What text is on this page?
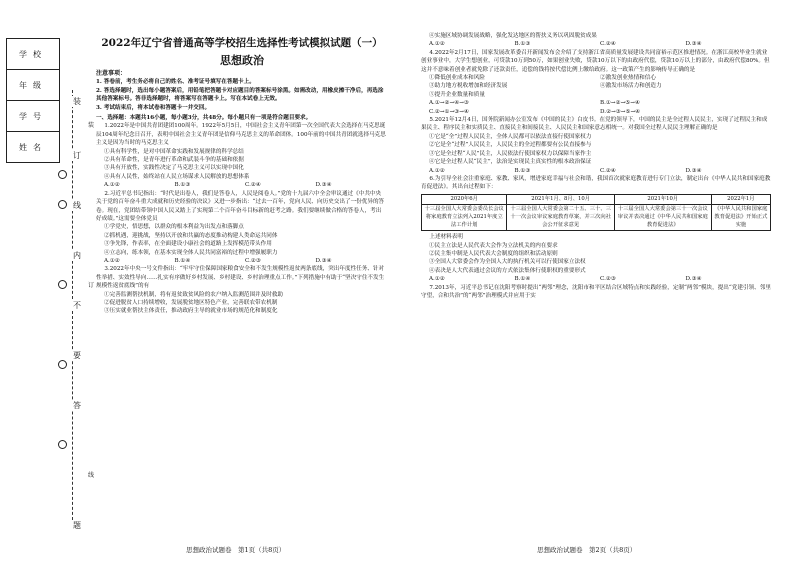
学校
年级
学号
姓名
装
订
线
内
不
要
答
题
装
订
线
2022年辽宁省普通高等学校招生选择性考试模拟试题（一）
思想政治
注意事项：
1. 答卷前，考生务必将自己的姓名、准考证号填写在答题卡上。
2. 答选择题时，选出每小题答案后，用铅笔把答题卡对应题目的答案标号涂黑。如需改动，用橡皮擦干净后，再选涂其他答案标号。答非选择题时，将答案写在答题卡上。写在本试卷上无效。
3. 考试结束后，将本试卷和答题卡一并交回。
一、选择题：本题共16小题，每小题3分，共48分。每小题只有一项是符合题目要求。
1.2022年是中国共青团建团100周年。1922年5月5日，中国社会主义青年团第一次全国代表大会选择在马克思诞辰104周年纪念日召开，表明中国社会主义青年团是信仰马克思主义的革命团体。100年前的中国共青团就选择马克思主义是因为当时的马克思主义
①具有科学性，是对中国革命实践和发展规律的科学总结
②具有革命性，是青年进行革命和武装斗争的基础和依据
③具有开放性，实践性决定了马克思主义可以实现中国化
④具有人民性，始终站在人民立场谋求人民解放的思想体系
A.①②	B.①③	C.②④	D.③④
2.习近平总书记指出：“时代是出卷人，我们是答卷人，人民是阅卷人。”党的十九届六中全会审议通过《中共中央关于党的百年奋斗重大成就和历史经验的决议》又进一步指出：“过去一百年，党向人民、向历史交出了一份优异的答卷。现在，党团结带领中国人民又踏上了实现第二个百年奋斗目标新的赶考之路。我们要继续做合格的答卷人，考出好成绩。”这需要全体党员
①学党史，悟思想，以群众的根本利益为出发点和落脚点
②抓机遇，迎挑战，坚持以开放和共赢的态度推动构建人类命运共同体
③争先锋，作表率，在全面建设小康社会的道路上发挥模范带头作用
④立志向，练本领，在基本实现全体人民共同富裕的过程中增强履职力
A.①②	B.①④	C.②③	D.③④
3.2022年中央一号文件指出：“牢牢守住保障国家粮食安全和不发生规模性返贫两条底线，突出年度性任务、针对性举措、实效性导向……扎实有序做好乡村发展、乡村建设、乡村治理重点工作。”下列措施中有助于“坚决守住不发生规模性返贫底线”的有
①完善监测帮扶机制，将有返贫致贫风险的农户纳入监测范围并及时救助
②促进脱贫人口持续增收，发展脱贫地区特色产业，完善联农带农机制
③压实就业帮扶主体责任，推动政府主导的就业市场的规范化和制度化
思想政治试题卷　第1页（共8页）
④实施区域协调发展战略，强化发达地区的帮扶义务以巩固脱贫成果
A.①②	B.①③	C.②④	D.③④
4.2022年2月17日，国家发展改革委召开新闻发布会介绍了支持浙江省高质量发展建设共同富裕示范区推进情况。在浙江高校毕业生就业创业事业中，大学生想创业，可贷款10万到50万，如果创业失败，贷款10万以下的由政府代偿，贷款10万以上的部分，由政府代偿80%。但这并不意味着创业者就免除了还款责任，追偿的钱将按代偿比例上缴给政府。这一政策产生的影响传导正确的是
①降低创业成本和风险	②激发创业热情和信心
③助力地方税收增加和经济发展	④激发市场活力和创造力
⑤提升企业数量和质量
A.①→②→④→③	B.①→②→⑤→④
C.②→①→③→④	D.②→③→⑤→④
5.2021年12月4日，国务院新闻办公室发布《中国的民主》白皮书。在党的领导下，中国的民主是全过程人民民主，实现了过程民主和成果民主、程序民主和实质民主、直接民主和间接民主、人民民主和国家意志相统一。对我国全过程人民民主理解正确的是
①它是“全”过程人民民主，全体人民都可以依法直接行使国家权力
②它是全“过程”人民民主，人民民主的全过程都要有公民直接参与
③它是全过程“人民”民主，人民依法行使国家权力以保障当家作主
④它是全过程人民“民主”，法治是实现民主真实性的根本政治保证
A.①②	B.①③	C.②④	D.③④
6.为引导全社会注重家庭、家教、家风，增进家庭幸福与社会和谐，我国首次就家庭教育进行专门立法，制定出台《中华人民共和国家庭教育促进法》。其出台过程如下：
2020年6月	2021年1月、8月、10月	2021年10月	2022年1月
十三届全国人大常委会委员长会议将家庭教育立法列入2021年度立法工作计划	十三届全国人大常委会第二十五、三十、三十一次会议审议家庭教育草案，并三次向社会公开征求意见	十三届全国人大常委会第三十一次会议审议并表决通过《中华人民共和国家庭教育促进法》	《中华人民共和国家庭教育促进法》开始正式实施
上述材料表明
①民主立法是人民代表大会作为立法机关的内在要求
②民主集中制是人民代表大会制度的组织和活动原则
③全国人大常委会作为全国人大的执行机关可以行使国家立法权
④表决是人大代表通过会议的方式依法集体行使职权的重要形式
A.①②	B.①④	C.②③	D.③④
7.2013年，习近平总书记在沈阳考察时提出“两邻”理念，沈阳市和平区结合区域特点和实践经验，定制“两邻”模块，提出“党建引领、邻里守望，合和共治”的“两邻”治理模式并应用于实
思想政治试题卷　第2页（共8页）
